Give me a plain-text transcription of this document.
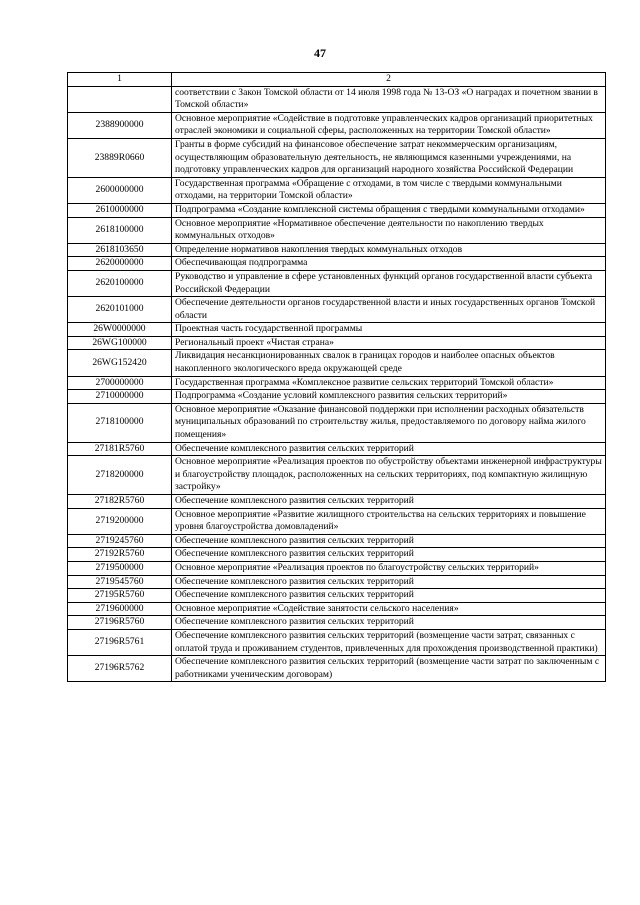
47
1	2
	соответствии с Закон Томской области от 14 июля 1998 года № 13-ОЗ «О наградах и почетном звании в Томской области»
2388900000	Основное мероприятие «Содействие в подготовке управленческих кадров организаций приоритетных отраслей экономики и социальной сферы, расположенных на территории Томской области»
23889R0660	Гранты в форме субсидий на финансовое обеспечение затрат некоммерческим организациям, осуществляющим образовательную деятельность, не являющимся казенными учреждениями, на подготовку управленческих кадров для организаций народного хозяйства Российской Федерации
2600000000	Государственная программа «Обращение с отходами, в том числе с твердыми коммунальными отходами, на территории Томской области»
2610000000	Подпрограмма «Создание комплексной системы обращения с твердыми коммунальными отходами»
2618100000	Основное мероприятие «Нормативное обеспечение деятельности по накоплению твердых коммунальных отходов»
2618103650	Определение нормативов накопления твердых коммунальных отходов
2620000000	Обеспечивающая подпрограмма
2620100000	Руководство и управление в сфере установленных функций органов государственной власти субъекта Российской Федерации
2620101000	Обеспечение деятельности органов государственной власти и иных государственных органов Томской области
26W0000000	Проектная часть государственной программы
26WG100000	Региональный проект «Чистая страна»
26WG152420	Ликвидация несанкционированных свалок в границах городов и наиболее опасных объектов накопленного экологического вреда окружающей среде
2700000000	Государственная программа «Комплексное развитие сельских территорий Томской области»
2710000000	Подпрограмма «Создание условий комплексного развития сельских территорий»
2718100000	Основное мероприятие «Оказание финансовой поддержки при исполнении расходных обязательств муниципальных образований по строительству жилья, предоставляемого по договору найма жилого помещения»
27181R5760	Обеспечение комплексного развития сельских территорий
2718200000	Основное мероприятие «Реализация проектов по обустройству объектами инженерной инфраструктуры и благоустройству площадок, расположенных на сельских территориях, под компактную жилищную застройку»
27182R5760	Обеспечение комплексного развития сельских территорий
2719200000	Основное мероприятие «Развитие жилищного строительства на сельских территориях и повышение уровня благоустройства домовладений»
2719245760	Обеспечение комплексного развития сельских территорий
27192R5760	Обеспечение комплексного развития сельских территорий
2719500000	Основное мероприятие «Реализация проектов по благоустройству сельских территорий»
2719545760	Обеспечение комплексного развития сельских территорий
27195R5760	Обеспечение комплексного развития сельских территорий
2719600000	Основное мероприятие «Содействие занятости сельского населения»
27196R5760	Обеспечение комплексного развития сельских территорий
27196R5761	Обеспечение комплексного развития сельских территорий (возмещение части затрат, связанных с оплатой труда и проживанием студентов, привлеченных для прохождения производственной практики)
27196R5762	Обеспечение комплексного развития сельских территорий (возмещение части затрат по заключенным с работниками ученическим договорам)
